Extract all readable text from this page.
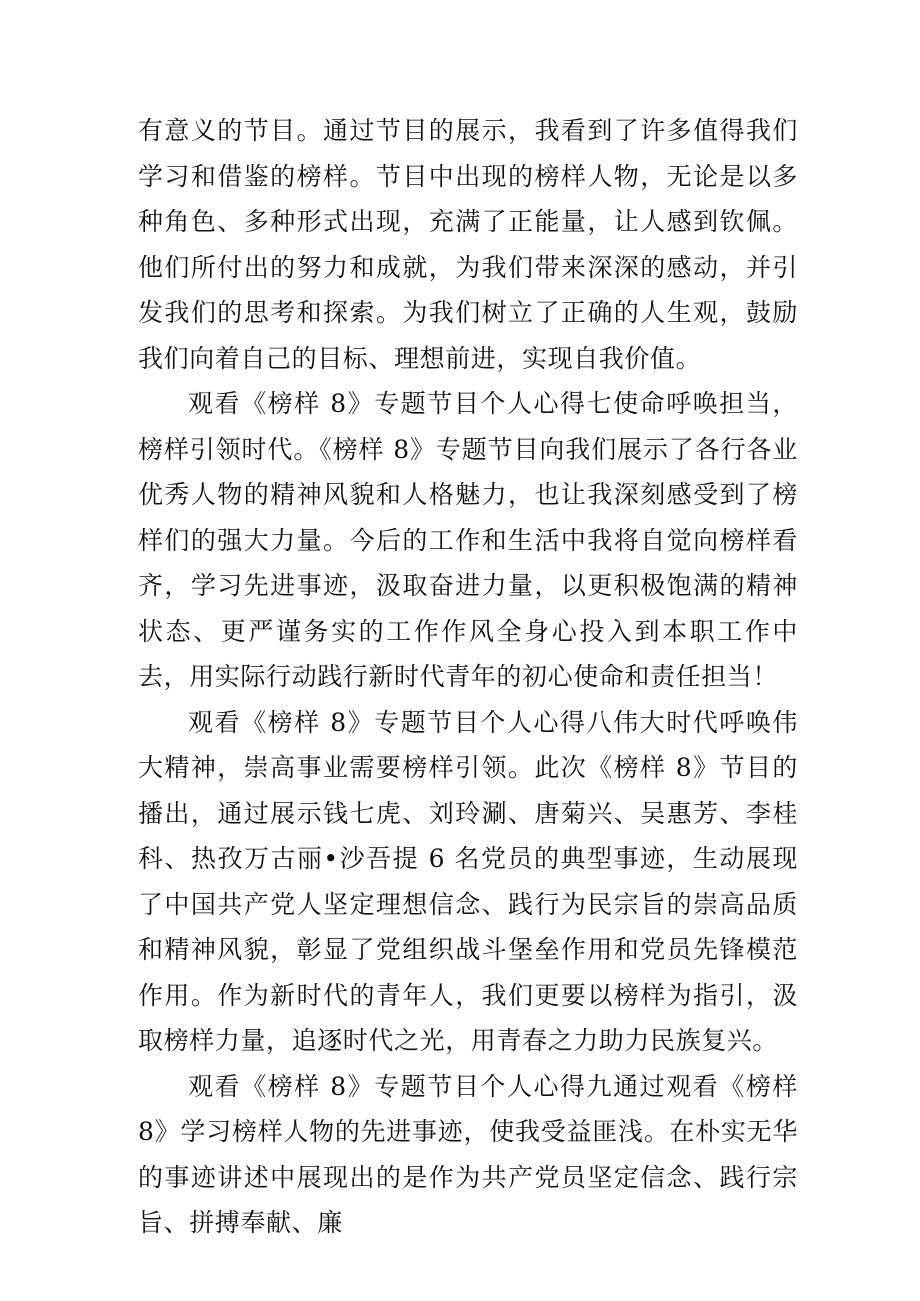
有意义的节目。通过节目的展示，我看到了许多值得我们学习和借鉴的榜样。节目中出现的榜样人物，无论是以多种角色、多种形式出现，充满了正能量，让人感到钦佩。他们所付出的努力和成就，为我们带来深深的感动，并引发我们的思考和探索。为我们树立了正确的人生观，鼓励我们向着自己的目标、理想前进，实现自我价值。

观看《榜样 8》专题节目个人心得七使命呼唤担当，榜样引领时代。《榜样 8》专题节目向我们展示了各行各业优秀人物的精神风貌和人格魅力，也让我深刻感受到了榜样们的强大力量。今后的工作和生活中我将自觉向榜样看齐，学习先进事迹，汲取奋进力量，以更积极饱满的精神状态、更严谨务实的工作作风全身心投入到本职工作中去，用实际行动践行新时代青年的初心使命和责任担当！

观看《榜样 8》专题节目个人心得八伟大时代呼唤伟大精神，崇高事业需要榜样引领。此次《榜样 8》节目的播出，通过展示钱七虎、刘玲涮、唐菊兴、吴惠芳、李桂科、热孜万古丽•沙吾提 6 名党员的典型事迹，生动展现了中国共产党人坚定理想信念、践行为民宗旨的崇高品质和精神风貌，彰显了党组织战斗堡垒作用和党员先锋模范作用。作为新时代的青年人，我们更要以榜样为指引，汲取榜样力量，追逐时代之光，用青春之力助力民族复兴。

观看《榜样 8》专题节目个人心得九通过观看《榜样 8》学习榜样人物的先进事迹，使我受益匪浅。在朴实无华的事迹讲述中展现出的是作为共产党员坚定信念、践行宗旨、拼搏奉献、廉
